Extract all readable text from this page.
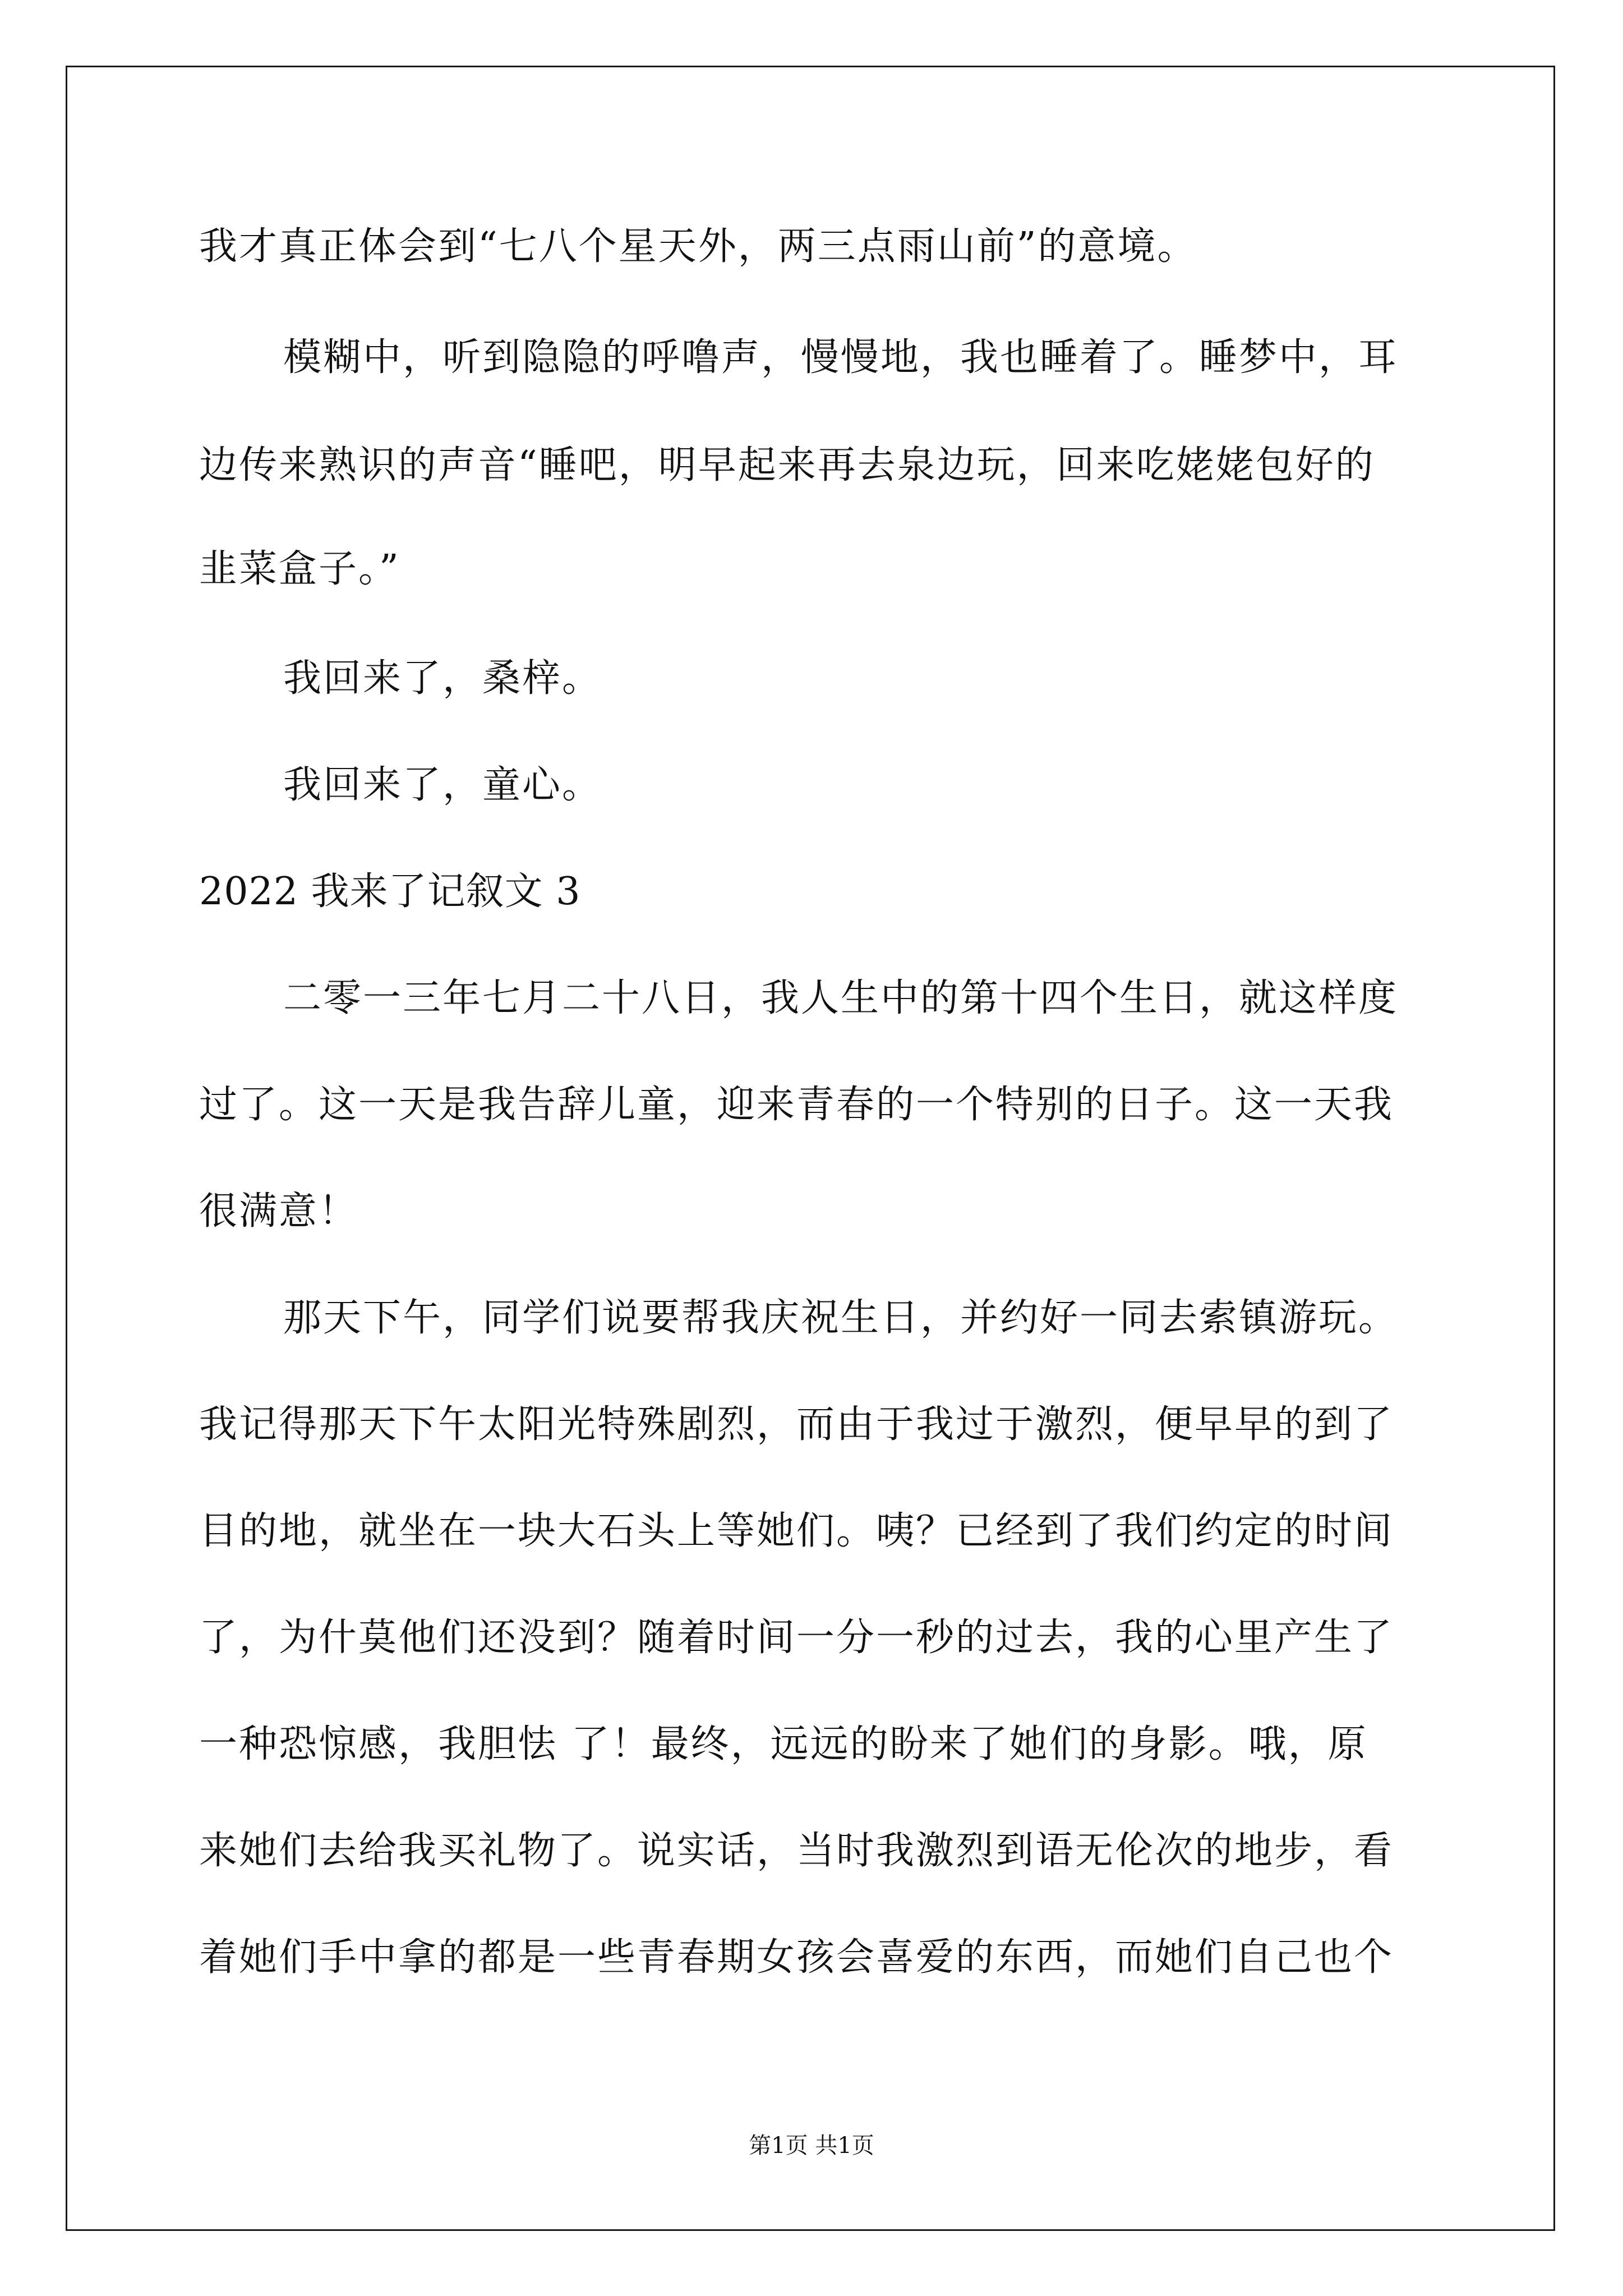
我才真正体会到“七八个星天外，两三点雨山前”的意境。
模糊中，听到隐隐的呼噜声，慢慢地，我也睡着了。睡梦中，耳
边传来熟识的声音“睡吧，明早起来再去泉边玩，回来吃姥姥包好的
韭菜盒子。”
我回来了，桑梓。
我回来了，童心。
2022 我来了记叙文 3
二零一三年七月二十八日，我人生中的第十四个生日，就这样度
过了。这一天是我告辞儿童，迎来青春的一个特别的日子。这一天我
很满意！
那天下午，同学们说要帮我庆祝生日，并约好一同去索镇游玩。
我记得那天下午太阳光特殊剧烈，而由于我过于激烈，便早早的到了
目的地，就坐在一块大石头上等她们。咦？已经到了我们约定的时间
了，为什莫他们还没到？随着时间一分一秒的过去，我的心里产生了
一种恐惊感，我胆怯 了！最终，远远的盼来了她们的身影。哦，原
来她们去给我买礼物了。说实话，当时我激烈到语无伦次的地步，看
着她们手中拿的都是一些青春期女孩会喜爱的东西，而她们自己也个
第1页 共1页
